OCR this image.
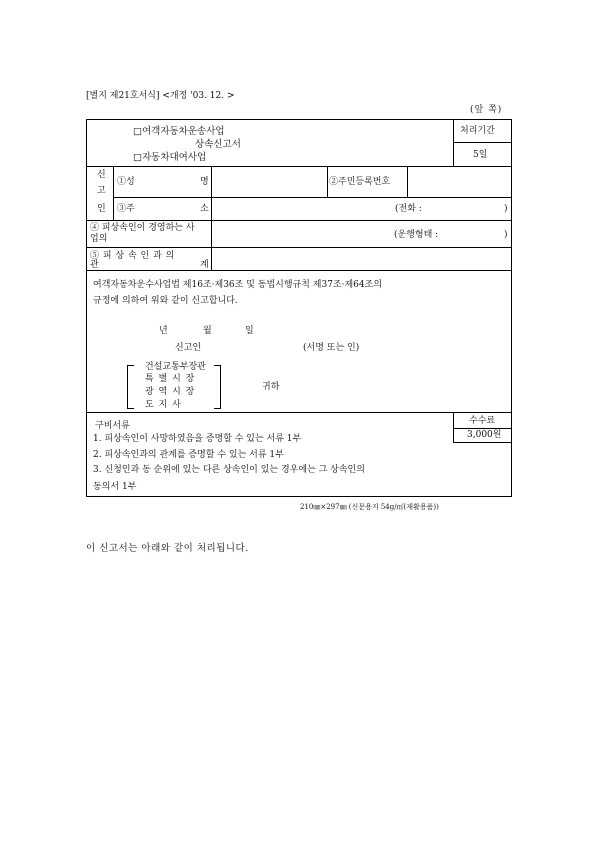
[별지 제21호서식] <개정 '03. 12. >
(앞 쪽)
□여객자동차운송사업
상속신고서
□자동차대여사업
처리기간
5일
신
고
인
①성	명	②주민등록번호
③주	소	(전화 :	)
④ 피상속인이 경영하는 사
업의	(운행형태 :	)
⑤ 피 상 속 인 과 의
관	계
여객자동차운수사업법 제16조·제36조 및 동법시행규칙 제37조·제64조의
규정에 의하여 위와 같이 신고합니다.
년	월	일
신고인	(서명 또는 인)
건설교통부장관
특 별 시 장
광 역 시 장
도 지 사
귀하
수수료
3,000원
구비서류
1. 피상속인이 사망하였음을 증명할 수 있는 서류 1부
2. 피상속인과의 관계를 증명할 수 있는 서류 1부
3. 신청인과 동 순위에 있는 다른 상속인이 있는 경우에는 그 상속인의
동의서 1부
210㎜×297㎜ (신문용지 54g/㎡(재활용품))
이 신고서는 아래와 같이 처리됩니다.
